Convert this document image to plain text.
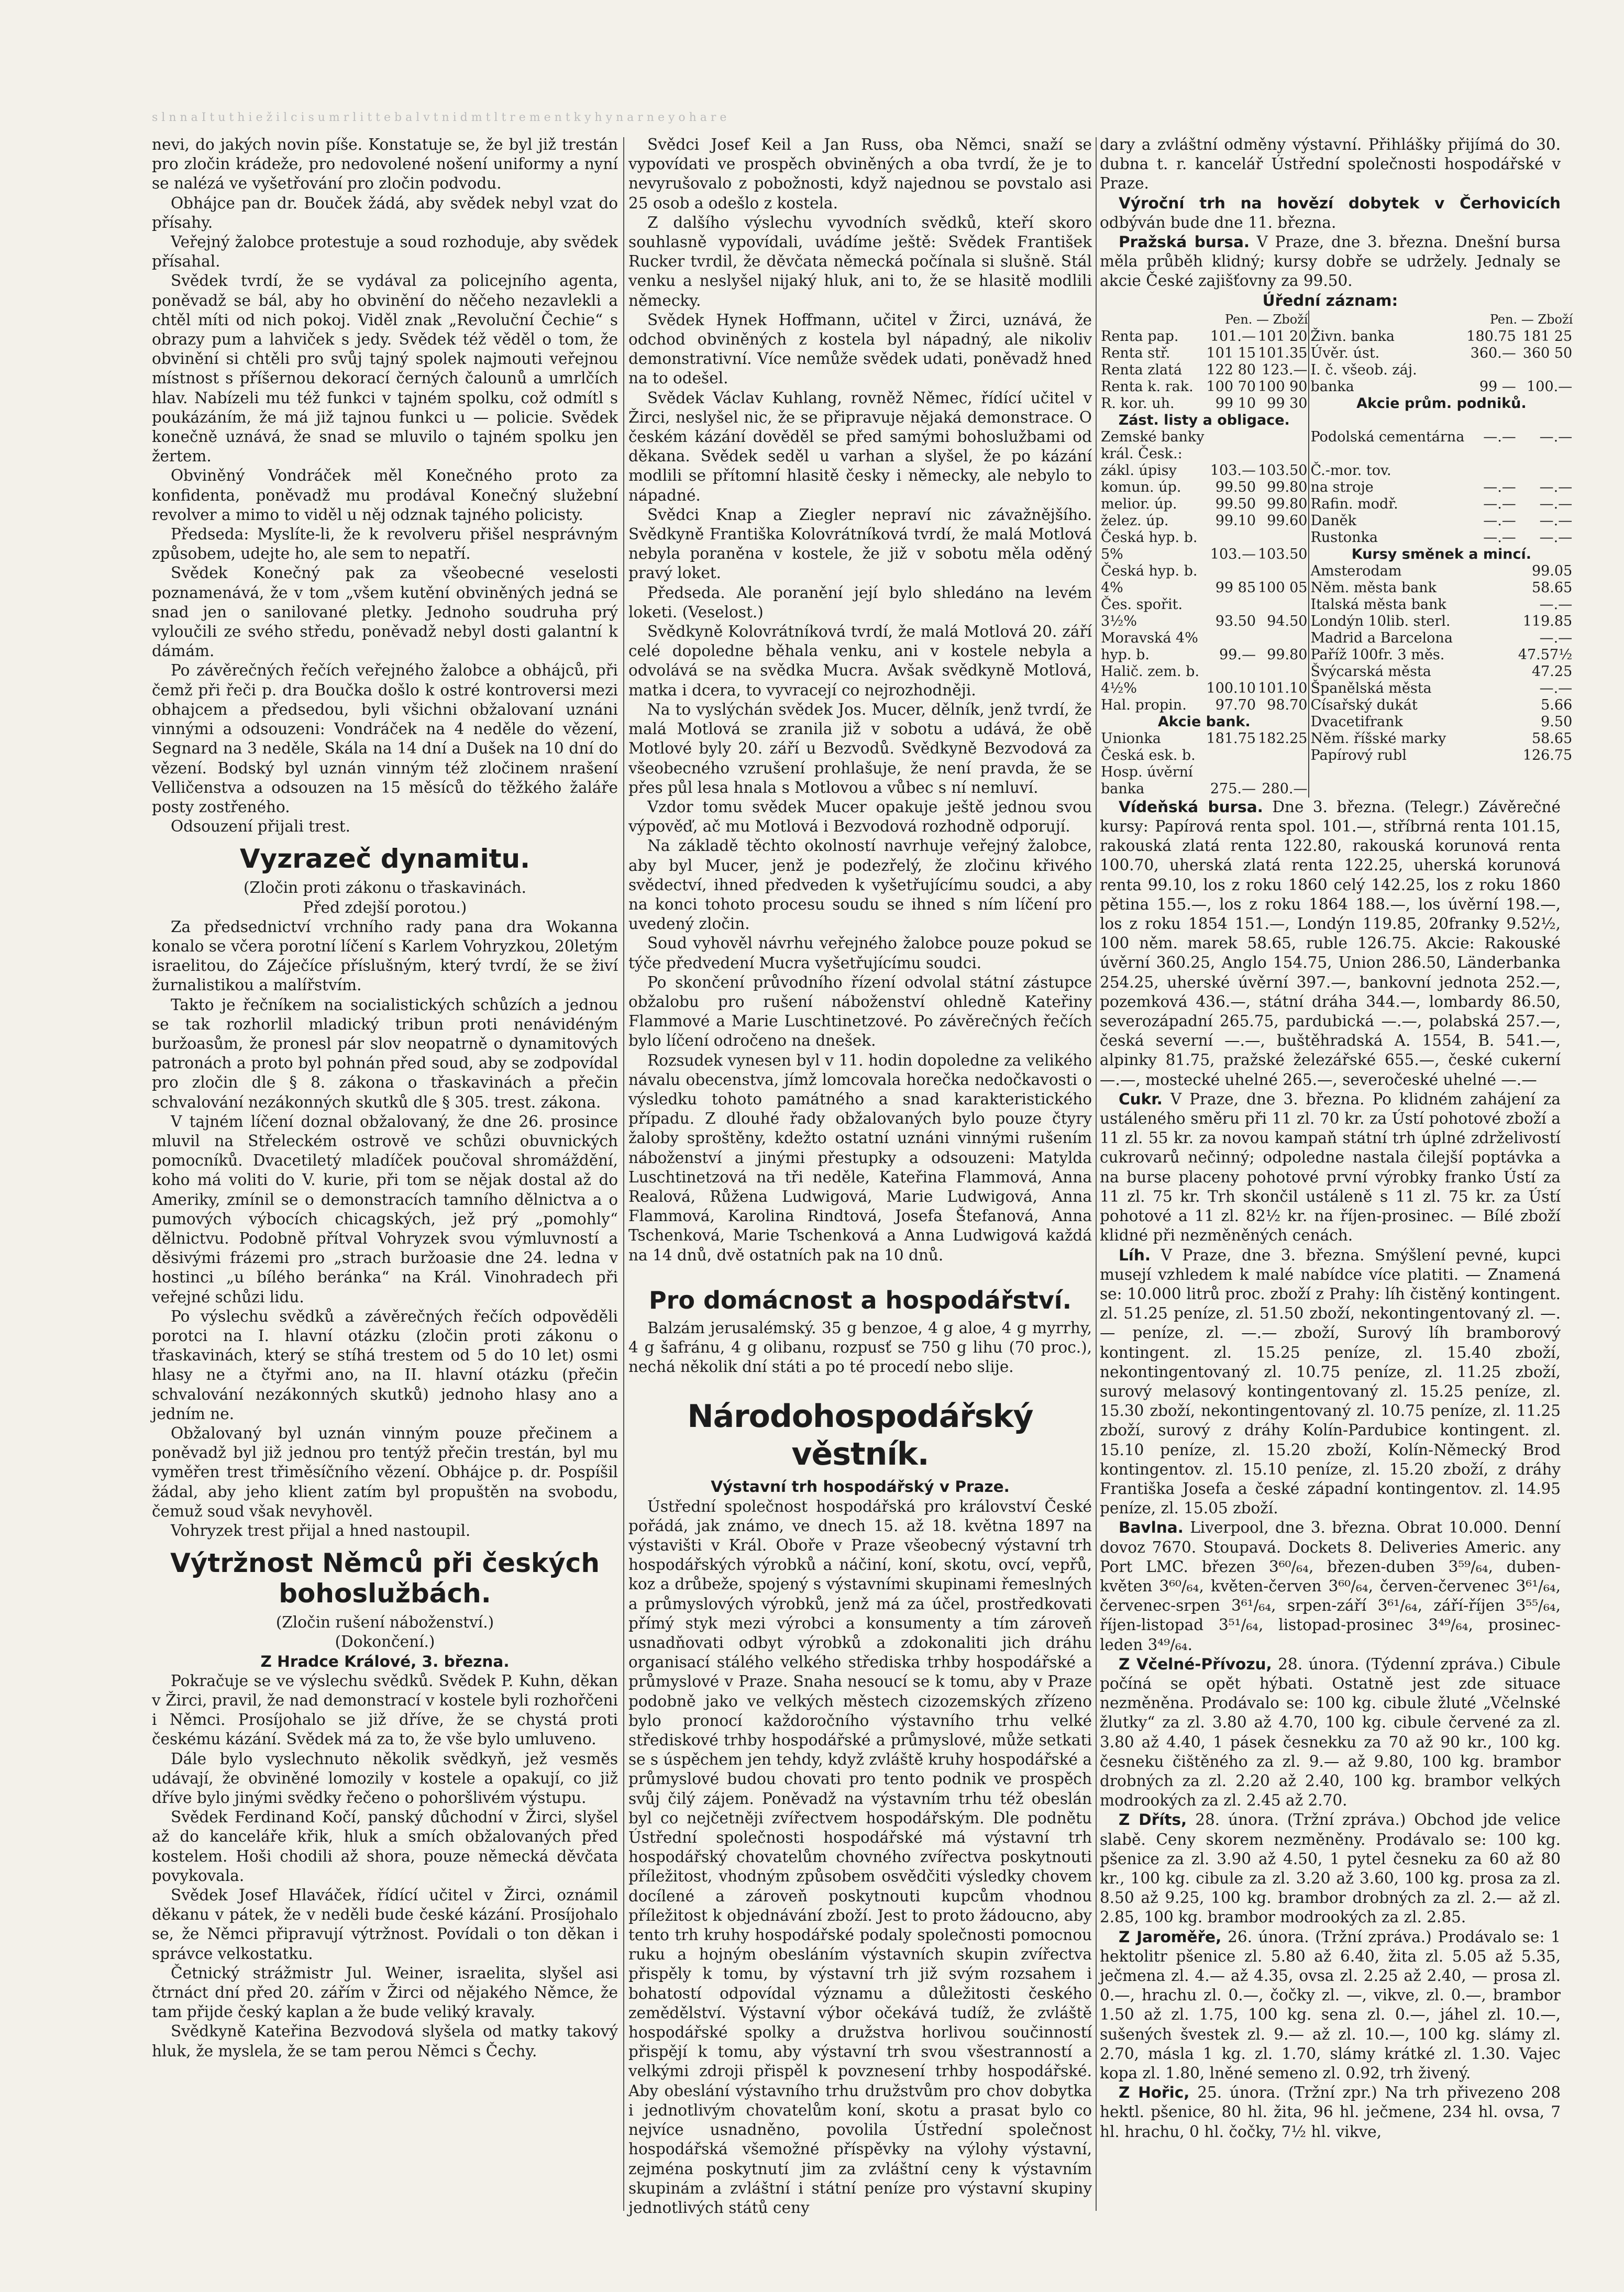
s l n n a I t u t h i e ž i l c i s u m r l i t t e b a l v t n i d m t l t r e m e n t k y h y n a r n e y o h a r e

nevi, do jakých novin píše. Konstatuje se, že byl již trestán pro zločin krádeže, pro nedovolené nošení uniformy a nyní se nalézá ve vyšetřování pro zločin podvodu.

Obhájce pan dr. Bouček žádá, aby svědek nebyl vzat do přísahy.

Veřejný žalobce protestuje a soud rozhoduje, aby svědek přísahal.

Svědek tvrdí, že se vydával za policejního agenta, poněvadž se bál, aby ho obvinění do něčeho nezavlekli a chtěl míti od nich pokoj. Viděl znak „Revoluční Čechie“ s obrazy pum a lahviček s jedy. Svědek též věděl o tom, že obvinění si chtěli pro svůj tajný spolek najmouti veřejnou místnost s příšernou dekorací černých čalounů a umrlčích hlav. Nabízeli mu též funkci v tajném spolku, což odmítl s poukázáním, že má již tajnou funkci u — policie. Svědek konečně uznává, že snad se mluvilo o tajném spolku jen žertem.

Obviněný Vondráček měl Konečného proto za konfidenta, poněvadž mu prodával Konečný služební revolver a mimo to viděl u něj odznak tajného policisty.

Předseda: Myslíte-li, že k revolveru přišel nesprávným způsobem, udejte ho, ale sem to nepatří.

Svědek Konečný pak za všeobecné veselosti poznamenává, že v tom „všem kutění obviněných jedná se snad jen o sanilované pletky. Jednoho soudruha prý vyloučili ze svého středu, poněvadž nebyl dosti galantní k dámám.

Po závěrečných řečích veřejného žalobce a obhájců, při čemž při řeči p. dra Boučka došlo k ostré kontroversi mezi obhajcem a předsedou, byli všichni obžalovaní uznáni vinnými a odsouzeni: Vondráček na 4 neděle do vězení, Segnard na 3 neděle, Skála na 14 dní a Dušek na 10 dní do vězení. Bodský byl uznán vinným též zločinem nrašení Velličenstva a odsouzen na 15 měsíců do těžkého žaláře posty zostřeného.

Odsouzení přijali trest.

Vyzrazeč dynamitu.

(Zločin proti zákonu o třaskavinách.

Před zdejší porotou.)

Za předsednictví vrchního rady pana dra Wokanna konalo se včera porotní líčení s Karlem Vohryzkou, 20letým israelitou, do Záječíce příslušným, který tvrdí, že se živí žurnalistikou a malířstvím.

Takto je řečníkem na socialistických schůzích a jednou se tak rozhorlil mladický tribun proti nenávidéným buržoasům, že pronesl pár slov neopatrně o dynamitových patronách a proto byl pohnán před soud, aby se zodpovídal pro zločin dle § 8. zákona o třaskavinách a přečin schvalování nezákonných skutků dle § 305. trest. zákona.

V tajném líčení doznal obžalovaný, že dne 26. prosince mluvil na Střeleckém ostrově ve schůzi obuvnických pomocníků. Dvacetiletý mladíček poučoval shromáždění, koho má voliti do V. kurie, při tom se nějak dostal až do Ameriky, zmínil se o demonstracích tamního dělnictva a o pumových výbocích chicagských, jež prý „pomohly“ dělnictvu. Podobně přítval Vohryzek svou výmluvností a děsivými frázemi pro „strach buržoasie dne 24. ledna v hostinci „u bílého beránka“ na Král. Vinohradech při veřejné schůzi lidu.

Po výslechu svědků a závěrečných řečích odpověděli porotci na I. hlavní otázku (zločin proti zákonu o třaskavinách, který se stíhá trestem od 5 do 10 let) osmi hlasy ne a čtyřmi ano, na II. hlavní otázku (přečin schvalování nezákonných skutků) jednoho hlasy ano a jedním ne.

Obžalovaný byl uznán vinným pouze přečinem a poněvadž byl již jednou pro tentýž přečin trestán, byl mu vyměřen trest třiměsíčního vězení. Obhájce p. dr. Pospíšil žádal, aby jeho klient zatím byl propuštěn na svobodu, čemuž soud však nevyhověl.

Vohryzek trest přijal a hned nastoupil.

Výtržnost Němců při českých
bohoslužbách.

(Zločin rušení náboženství.)

(Dokončení.)

Z Hradce Králové, 3. března.

Pokračuje se ve výslechu svědků. Svědek P. Kuhn, děkan v Žirci, pravil, že nad demonstrací v kostele byli rozhořčeni i Němci. Prosíjohalo se již dříve, že se chystá proti českému kázání. Svědek má za to, že vše bylo umluveno.

Dále bylo vyslechnuto několik svědkyň, jež vesměs udávají, že obviněné lomozily v kostele a opakují, co již dříve bylo jinými svědky řečeno o pohoršlivém výstupu.

Svědek Ferdinand Kočí, panský důchodní v Žirci, slyšel až do kanceláře křik, hluk a smích obžalovaných před kostelem. Hoši chodili až shora, pouze německá děvčata povykovala.

Svědek Josef Hlaváček, řídící učitel v Žirci, oznámil děkanu v pátek, že v neděli bude české kázání. Prosíjohalo se, že Němci připravují výtržnost. Povídali o ton děkan i správce velkostatku.

Četnický strážmistr Jul. Weiner, israelita, slyšel asi čtrnáct dní před 20. zářím v Žirci od nějakého Němce, že tam přijde český kaplan a že bude veliký kravaly.

Svědkyně Kateřina Bezvodová slyšela od matky takový hluk, že myslela, že se tam perou Němci s Čechy.

Svědci Josef Keil a Jan Russ, oba Němci, snaží se vypovídati ve prospěch obviněných a oba tvrdí, že je to nevyrušovalo z pobožnosti, když najednou se povstalo asi 25 osob a odešlo z kostela.

Z dalšího výslechu vyvodních svědků, kteří skoro souhlasně vypovídali, uvádíme ještě: Svědek František Rucker tvrdil, že děvčata německá počínala si slušně. Stál venku a neslyšel nijaký hluk, ani to, že se hlasitě modlili německy.

Svědek Hynek Hoffmann, učitel v Žirci, uznává, že odchod obviněných z kostela byl nápadný, ale nikoliv demonstrativní. Více nemůže svědek udati, poněvadž hned na to odešel.

Svědek Václav Kuhlang, rovněž Němec, řídící učitel v Žirci, neslyšel nic, že se připravuje nějaká demonstrace. O českém kázání dověděl se před samými bohoslužbami od děkana. Svědek seděl u varhan a slyšel, že po kázání modlili se přítomní hlasitě česky i německy, ale nebylo to nápadné.

Svědci Knap a Ziegler nepraví nic závažnějšího. Svědkyně Františka Kolovrátníková tvrdí, že malá Motlová nebyla poraněna v kostele, že již v sobotu měla oděný pravý loket.

Předseda. Ale poranění její bylo shledáno na levém loketi. (Veselost.)

Svědkyně Kolovrátníková tvrdí, že malá Motlová 20. září celé dopoledne běhala venku, ani v kostele nebyla a odvolává se na svědka Mucra. Avšak svědkyně Motlová, matka i dcera, to vyvracejí co nejrozhodněji.

Na to vyslýchán svědek Jos. Mucer, dělník, jenž tvrdí, že malá Motlová se zranila již v sobotu a udává, že obě Motlové byly 20. září u Bezvodů. Svědkyně Bezvodová za všeobecného vzrušení prohlašuje, že není pravda, že se přes půl lesa hnala s Motlovou a vůbec s ní nemluví.

Vzdor tomu svědek Mucer opakuje ještě jednou svou výpověď, ač mu Motlová i Bezvodová rozhodně odporují.

Na základě těchto okolností navrhuje veřejný žalobce, aby byl Mucer, jenž je podezřelý, že zločinu křivého svědectví, ihned předveden k vyšetřujícímu soudci, a aby na konci tohoto procesu soudu se ihned s ním líčení pro uvedený zločin.

Soud vyhověl návrhu veřejného žalobce pouze pokud se týče předvedení Mucra vyšetřujícímu soudci.

Po skončení průvodního řízení odvolal státní zástupce obžalobu pro rušení náboženství ohledně Kateřiny Flammové a Marie Luschtinetzové. Po závěrečných řečích bylo líčení odročeno na dnešek.

Rozsudek vynesen byl v 11. hodin dopoledne za velikého návalu obecenstva, jímž lomcovala horečka nedočkavosti o výsledku tohoto památného a snad karakteristického případu. Z dlouhé řady obžalovaných bylo pouze čtyry žaloby sproštěny, kdežto ostatní uznáni vinnými rušením náboženství a jinými přestupky a odsouzeni: Matylda Luschtinetzová na tři neděle, Kateřina Flammová, Anna Realová, Růžena Ludwigová, Marie Ludwigová, Anna Flammová, Karolina Rindtová, Josefa Štefanová, Anna Tschenková, Marie Tschenková a Anna Ludwigová každá na 14 dnů, dvě ostatních pak na 10 dnů.

Pro domácnost a hospodářství.

Balzám jerusalémský. 35 g benzoe, 4 g aloe, 4 g myrrhy, 4 g šafránu, 4 g olibanu, rozpusť se 750 g lihu (70 proc.), nechá několik dní státi a po té procedí nebo slije.

Národohospodářský věstník.

Výstavní trh hospodářský v Praze.

Ústřední společnost hospodářská pro království České pořádá, jak známo, ve dnech 15. až 18. května 1897 na výstavišti v Král. Oboře v Praze všeobecný výstavní trh hospodářských výrobků a náčiní, koní, skotu, ovcí, vepřů, koz a drůbeže, spojený s výstavními skupinami řemeslných a průmyslových výrobků, jenž má za účel, prostředkovati přímý styk mezi výrobci a konsumenty a tím zároveň usnadňovati odbyt výrobků a zdokonaliti jich dráhu organisací stálého velkého střediska trhby hospodářské a průmyslové v Praze. Snaha nesoucí se k tomu, aby v Praze podobně jako ve velkých městech cizozemských zřízeno bylo pronocí každoročního výstavního trhu velké střediskové trhby hospodářské a průmyslové, může setkati se s úspěchem jen tehdy, když zvláště kruhy hospodářské a průmyslové budou chovati pro tento podnik ve prospěch svůj čilý zájem. Poněvadž na výstavním trhu též obeslán byl co nejčetněji zvířectvem hospodářským. Dle podnětu Ústřední společnosti hospodářské má výstavní trh hospodářský chovatelům chovného zvířectva poskytnouti příležitost, vhodným způsobem osvědčiti výsledky chovem docílené a zároveň poskytnouti kupcům vhodnou příležitost k objednávání zboží. Jest to proto žádoucno, aby tento trh kruhy hospodářské podaly společnosti pomocnou ruku a hojným obesláním výstavních skupin zvířectva přispěly k tomu, by výstavní trh již svým rozsahem i bohatostí odpovídal významu a důležitosti českého zemědělství. Výstavní výbor očekává tudíž, že zvláště hospodářské spolky a družstva horlivou součinností přispějí k tomu, aby výstavní trh svou všestranností a velkými zdroji přispěl k povznesení trhby hospodářské. Aby obeslání výstavního trhu družstvům pro chov dobytka i jednotlivým chovatelům koní, skotu a prasat bylo co nejvíce usnadněno, povolila Ústřední společnost hospodářská všemožné příspěvky na výlohy výstavní, zejména poskytnutí jim za zvláštní ceny k výstavním skupinám a zvláštní i státní peníze pro výstavní skupiny jednotlivých států ceny

dary a zvláštní odměny výstavní. Přihlášky přijímá do 30. dubna t. r. kancelář Ústřední společnosti hospodářské v Praze.

Výroční trh na hovězí dobytek v Čerhovicích odbýván bude dne 11. března.

Pražská bursa. V Praze, dne 3. března. Dnešní bursa měla průběh klidný; kursy dobře se udržely. Jednaly se akcie České zajišťovny za 99.50.

Úřední záznam:
	Pen. — Zboží			Pen. — Zboží	
Renta pap.	101.—	101 20	Živn. banka	180.75	181 25
Renta stř.	101 15	101.35	Úvěr. úst.	360.—	360 50
Renta zlatá	122 80	123.—	I. č. všeob. záj.		
Renta k. rak.	100 70	100 90	banka	99 —	100.—
R. kor. uh.	99 10	99 30	Akcie prům. podniků.		
Zást. listy a obligace.					
Zemské banky			Podolská cementárna	—.—	—.—
král. Česk.:					
zákl. úpisy	103.—	103.50	Č.-mor. tov.		
komun. úp.	99.50	99.80	na stroje	—.—	—.—
melior. úp.	99.50	99.80	Rafin. modř.	—.—	—.—
želez. úp.	99.10	99.60	Daněk	—.—	—.—
Česká hyp. b.			Rustonka	—.—	—.—
5%	103.—	103.50	Kursy směnek a mincí.		
Česká hyp. b.			Amsterodam		99.05
4%	99 85	100 05	Něm. města bank		58.65
Čes. spořit.			Italská města bank		—.—
3½%	93.50	94.50	Londýn 10lib. sterl.		119.85
Moravská 4%			Madrid a Barcelona		—.—
hyp. b.	99.—	99.80	Paříž 100fr. 3 měs.		47.57½
Halič. zem. b.			Švýcarská města		47.25
4½%	100.10	101.10	Španělská města		—.—
Hal. propin.	97.70	98.70	Císařský dukát		5.66
Akcie bank.			Dvacetifrank		9.50
Unionka	181.75	182.25	Něm. říšské marky		58.65
Česká esk. b.			Papírový rubl		126.75
Hosp. úvěrní					
banka	275.—	280.—			

Vídeňská bursa. Dne 3. března. (Telegr.) Závěrečné kursy: Papírová renta spol. 101.—, stříbrná renta 101.15, rakouská zlatá renta 122.80, rakouská korunová renta 100.70, uherská zlatá renta 122.25, uherská korunová renta 99.10, los z roku 1860 celý 142.25, los z roku 1860 pětina 155.—, los z roku 1864 188.—, los úvěrní 198.—, los z roku 1854 151.—, Londýn 119.85, 20franky 9.52½, 100 něm. marek 58.65, ruble 126.75. Akcie: Rakouské úvěrní 360.25, Anglo 154.75, Union 286.50, Länderbanka 254.25, uherské úvěrní 397.—, bankovní jednota 252.—, pozemková 436.—, státní dráha 344.—, lombardy 86.50, severozápadní 265.75, pardubická —.—, polabská 257.—, česká severní —.—, buštěhradská A. 1554, B. 541.—, alpinky 81.75, pražské železářské 655.—, české cukerní —.—, mostecké uhelné 265.—, severočeské uhelné —.—

Cukr. V Praze, dne 3. března. Po klidném zahájení za ustáleného směru při 11 zl. 70 kr. za Ústí pohotové zboží a 11 zl. 55 kr. za novou kampaň státní trh úplné zdrželivostí cukrovarů nečinný; odpoledne nastala čilejší poptávka a na burse placeny pohotové první výrobky franko Ústí za 11 zl. 75 kr. Trh skončil ustáleně s 11 zl. 75 kr. za Ústí pohotové a 11 zl. 82½ kr. na říjen-prosinec. — Bílé zboží klidné při nezměněných cenách.

Líh. V Praze, dne 3. března. Smýšlení pevné, kupci musejí vzhledem k malé nabídce více platiti. — Znamená se: 10.000 litrů proc. zboží z Prahy: líh čistěný kontingent. zl. 51.25 peníze, zl. 51.50 zboží, nekontingentovaný zl. —.— peníze, zl. —.— zboží, Surový líh bramborový kontingent. zl. 15.25 peníze, zl. 15.40 zboží, nekontingentovaný zl. 10.75 peníze, zl. 11.25 zboží, surový melasový kontingentovaný zl. 15.25 peníze, zl. 15.30 zboží, nekontingentovaný zl. 10.75 peníze, zl. 11.25 zboží, surový z dráhy Kolín-Pardubice kontingent. zl. 15.10 peníze, zl. 15.20 zboží, Kolín-Německý Brod kontingentov. zl. 15.10 peníze, zl. 15.20 zboží, z dráhy Františka Josefa a české západní kontingentov. zl. 14.95 peníze, zl. 15.05 zboží.

Bavlna. Liverpool, dne 3. března. Obrat 10.000. Denní dovoz 7670. Stoupavá. Dockets 8. Deliveries Americ. any Port LMC. březen 3⁶⁰/₆₄, březen-duben 3⁵⁹/₆₄, duben-květen 3⁶⁰/₆₄, květen-červen 3⁶⁰/₆₄, červen-červenec 3⁶¹/₆₄, červenec-srpen 3⁶¹/₆₄, srpen-září 3⁶¹/₆₄, září-říjen 3⁵⁵/₆₄, říjen-listopad 3⁵¹/₆₄, listopad-prosinec 3⁴⁹/₆₄, prosinec-leden 3⁴⁹/₆₄.

Z Včelné-Přívozu, 28. února. (Týdenní zpráva.) Cibule počíná se opět hýbati. Ostatně jest zde situace nezměněna. Prodávalo se: 100 kg. cibule žluté „Včelnské žlutky“ za zl. 3.80 až 4.70, 100 kg. cibule červené za zl. 3.80 až 4.40, 1 pásek česnekku za 70 až 90 kr., 100 kg. česneku čištěného za zl. 9.— až 9.80, 100 kg. brambor drobných za zl. 2.20 až 2.40, 100 kg. brambor velkých modrookých za zl. 2.45 až 2.70.

Z Dříts, 28. února. (Tržní zpráva.) Obchod jde velice slabě. Ceny skorem nezměněny. Prodávalo se: 100 kg. pšenice za zl. 3.90 až 4.50, 1 pytel česneku za 60 až 80 kr., 100 kg. cibule za zl. 3.20 až 3.60, 100 kg. prosa za zl. 8.50 až 9.25, 100 kg. brambor drobných za zl. 2.— až zl. 2.85, 100 kg. brambor modrookých za zl. 2.85.

Z Jaroměře, 26. února. (Tržní zpráva.) Prodávalo se: 1 hektolitr pšenice zl. 5.80 až 6.40, žita zl. 5.05 až 5.35, ječmena zl. 4.— až 4.35, ovsa zl. 2.25 až 2.40, — prosa zl. 0.—, hrachu zl. 0.—, čočky zl. —, vikve, zl. 0.—, brambor 1.50 až zl. 1.75, 100 kg. sena zl. 0.—, jáhel zl. 10.—, sušených švestek zl. 9.— až zl. 10.—, 100 kg. slámy zl. 2.70, másla 1 kg. zl. 1.70, slámy krátké zl. 1.30. Vajec kopa zl. 1.80, lněné semeno zl. 0.92, trh živený.

Z Hořic, 25. února. (Tržní zpr.) Na trh přivezeno 208 hektl. pšenice, 80 hl. žita, 96 hl. ječmene, 234 hl. ovsa, 7 hl. hrachu, 0 hl. čočky, 7½ hl. vikve,
